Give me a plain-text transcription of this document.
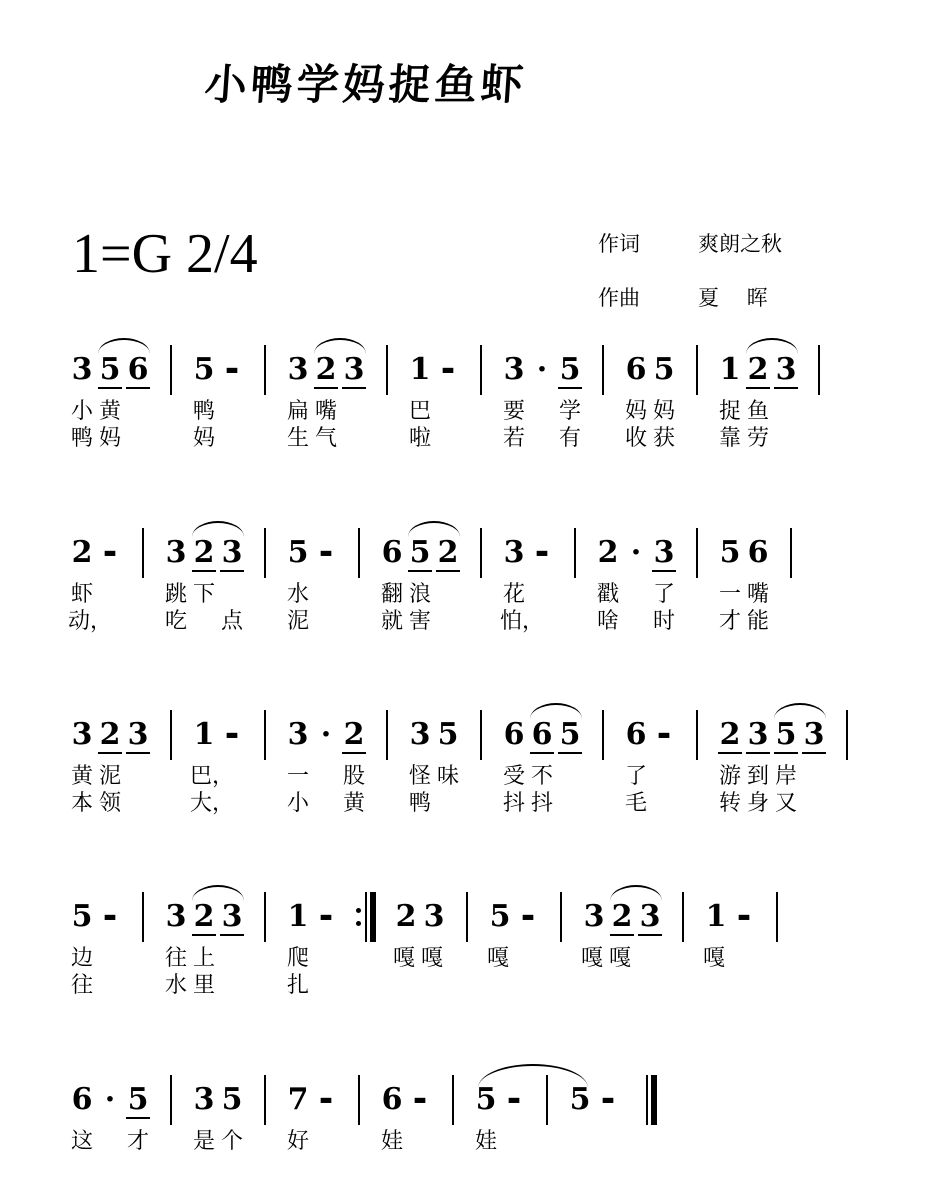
小鸭学妈捉鱼虾
1=G 2/4	作词	爽朗之秋
作曲	夏　 晖
3 5 6 5 ▬ 3 2 3 1 ▬ 3 · 5 6 5 1 2 3
小 黄	鸭	扁 嘴	巴	要 学 妈 妈 捉 鱼
鸭 妈	妈	生 气	啦	若 有 收 获 靠 劳
2 ▬ 3 2 3 5 ▬ 6 5 2 3 ▬ 2 · 3 5 6
虾	跳 下	水	翻 浪	花	戳 了 一 嘴
动， 吃 点 泥	就 害	怕， 啥 时 才 能
3 2 3 1 ▬ 3 · 2 3 5 6 6 5 6 ▬ 2 3 5 3
黄 泥	巴， 一 股 怪 味 受 不	了	游 到 岸
本 领	大， 小 黄 鸭	抖 抖	毛	转 身 又
5 ▬ 3 2 3 1 ▬ 2 3 5 ▬ 3 2 3 1 ▬
边	往 上	爬	嘎 嘎 嘎	嘎 嘎	嘎
往	水 里	扎
6 · 5 3 5 7 ▬ 6 ▬ 5 ▬ 5 ▬
这 才 是 个 好	娃	娃
